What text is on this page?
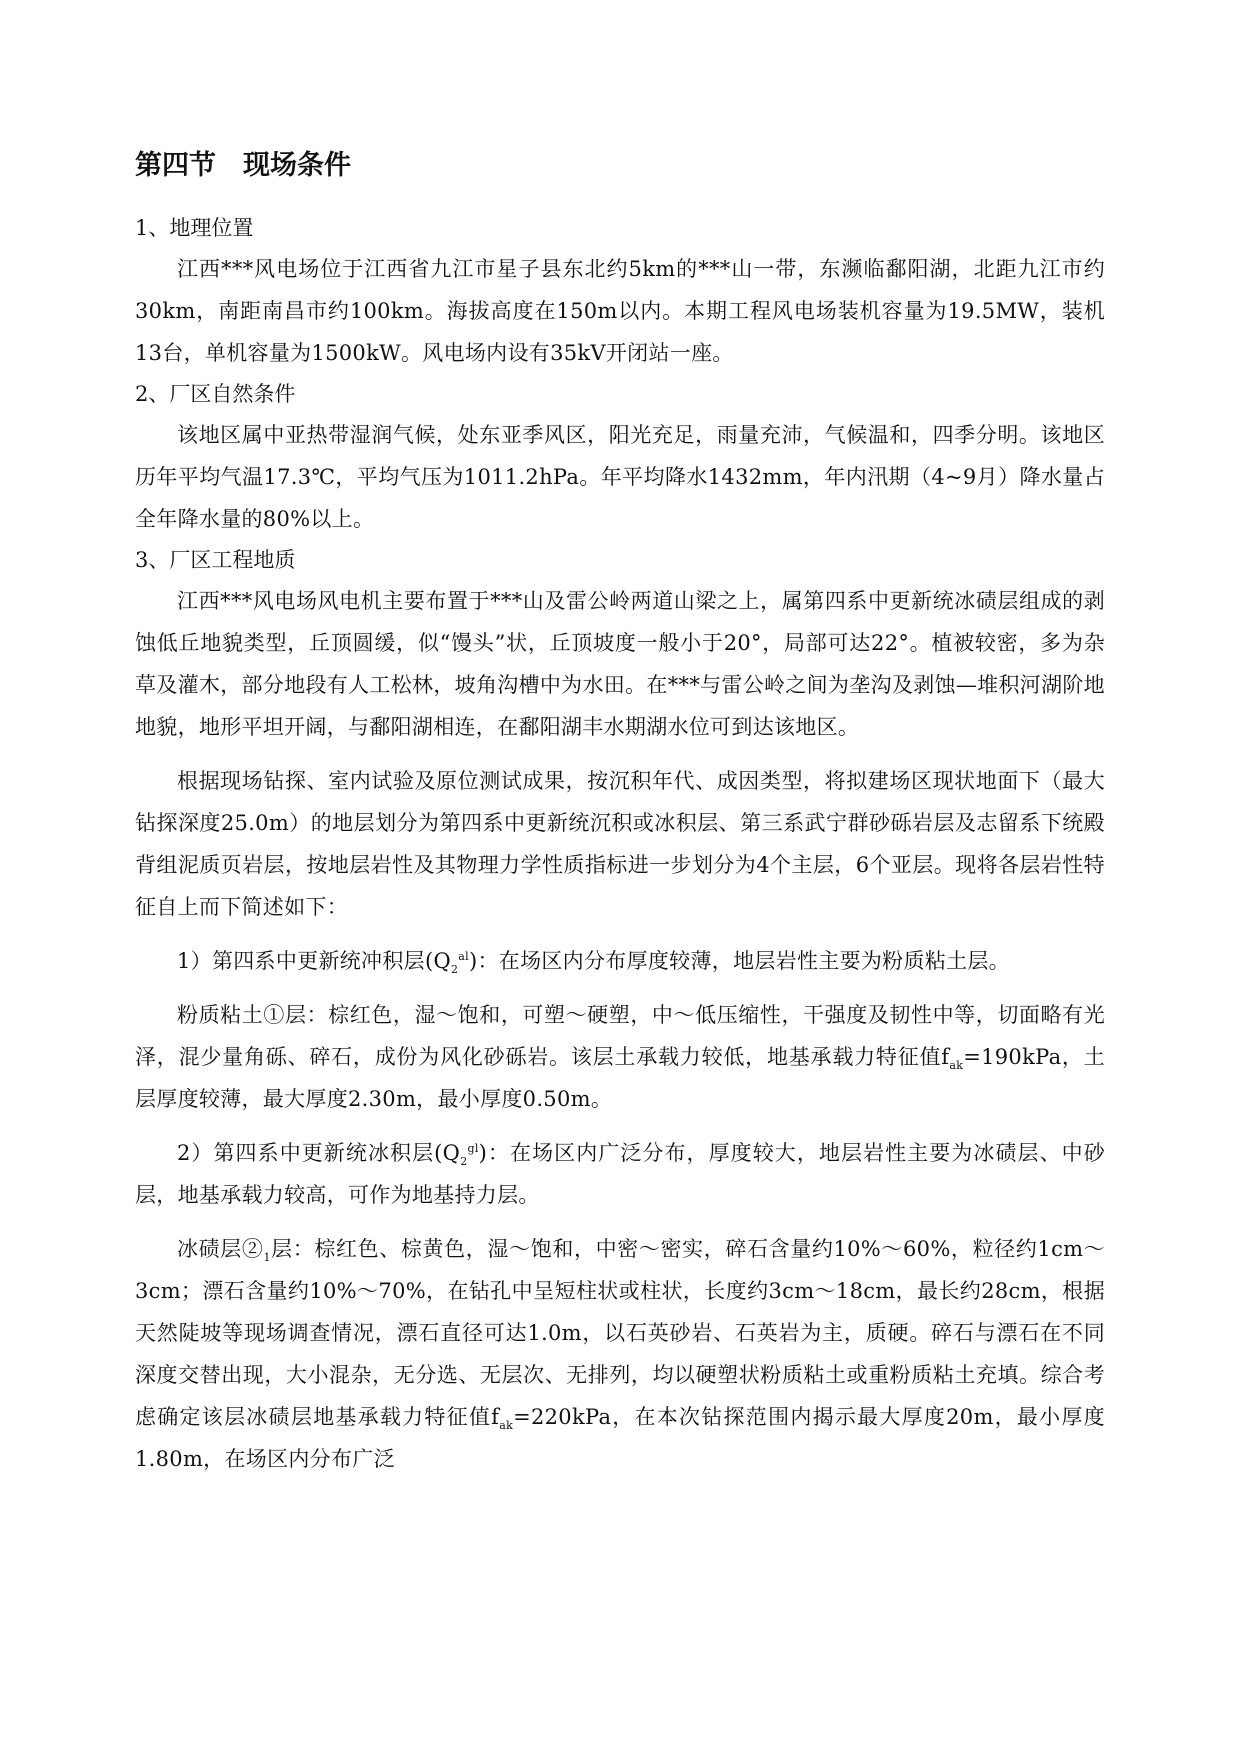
第四节　现场条件

1、地理位置

江西***风电场位于江西省九江市星子县东北约5km的***山一带，东濒临鄱阳湖，北距九江市约30km，南距南昌市约100km。海拔高度在150m以内。本期工程风电场装机容量为19.5MW，装机13台，单机容量为1500kW。风电场内设有35kV开闭站一座。

2、厂区自然条件

该地区属中亚热带湿润气候，处东亚季风区，阳光充足，雨量充沛，气候温和，四季分明。该地区历年平均气温17.3℃，平均气压为1011.2hPa。年平均降水1432mm，年内汛期（4~9月）降水量占全年降水量的80%以上。

3、厂区工程地质

江西***风电场风电机主要布置于***山及雷公岭两道山梁之上，属第四系中更新统冰碛层组成的剥蚀低丘地貌类型，丘顶圆缓，似“馒头”状，丘顶坡度一般小于20°，局部可达22°。植被较密，多为杂草及灌木，部分地段有人工松林，坡角沟槽中为水田。在***与雷公岭之间为垄沟及剥蚀—堆积河湖阶地地貌，地形平坦开阔，与鄱阳湖相连，在鄱阳湖丰水期湖水位可到达该地区。

根据现场钻探、室内试验及原位测试成果，按沉积年代、成因类型，将拟建场区现状地面下（最大钻探深度25.0m）的地层划分为第四系中更新统沉积或冰积层、第三系武宁群砂砾岩层及志留系下统殿背组泥质页岩层，按地层岩性及其物理力学性质指标进一步划分为4个主层，6个亚层。现将各层岩性特征自上而下简述如下：

1）第四系中更新统冲积层$(Q_2^{al})$：在场区内分布厚度较薄，地层岩性主要为粉质粘土层。

粉质粘土①层：棕红色，湿～饱和，可塑～硬塑，中～低压缩性，干强度及韧性中等，切面略有光泽，混少量角砾、碎石，成份为风化砂砾岩。该层土承载力较低，地基承载力特征值$f_{ak}=190kPa$，土层厚度较薄，最大厚度2.30m，最小厚度0.50m。

2）第四系中更新统冰积层$(Q_2^{gl})$：在场区内广泛分布，厚度较大，地层岩性主要为冰碛层、中砂层，地基承载力较高，可作为地基持力层。

冰碛层$②_1$层：棕红色、棕黄色，湿～饱和，中密～密实，碎石含量约10%～60%，粒径约1cm～3cm；漂石含量约10%～70%，在钻孔中呈短柱状或柱状，长度约3cm～18cm，最长约28cm，根据天然陡坡等现场调查情况，漂石直径可达1.0m，以石英砂岩、石英岩为主，质硬。碎石与漂石在不同深度交替出现，大小混杂，无分选、无层次、无排列，均以硬塑状粉质粘土或重粉质粘土充填。综合考虑确定该层冰碛层地基承载力特征值$f_{ak}=220kPa$，在本次钻探范围内揭示最大厚度20m，最小厚度1.80m，在场区内分布广泛
